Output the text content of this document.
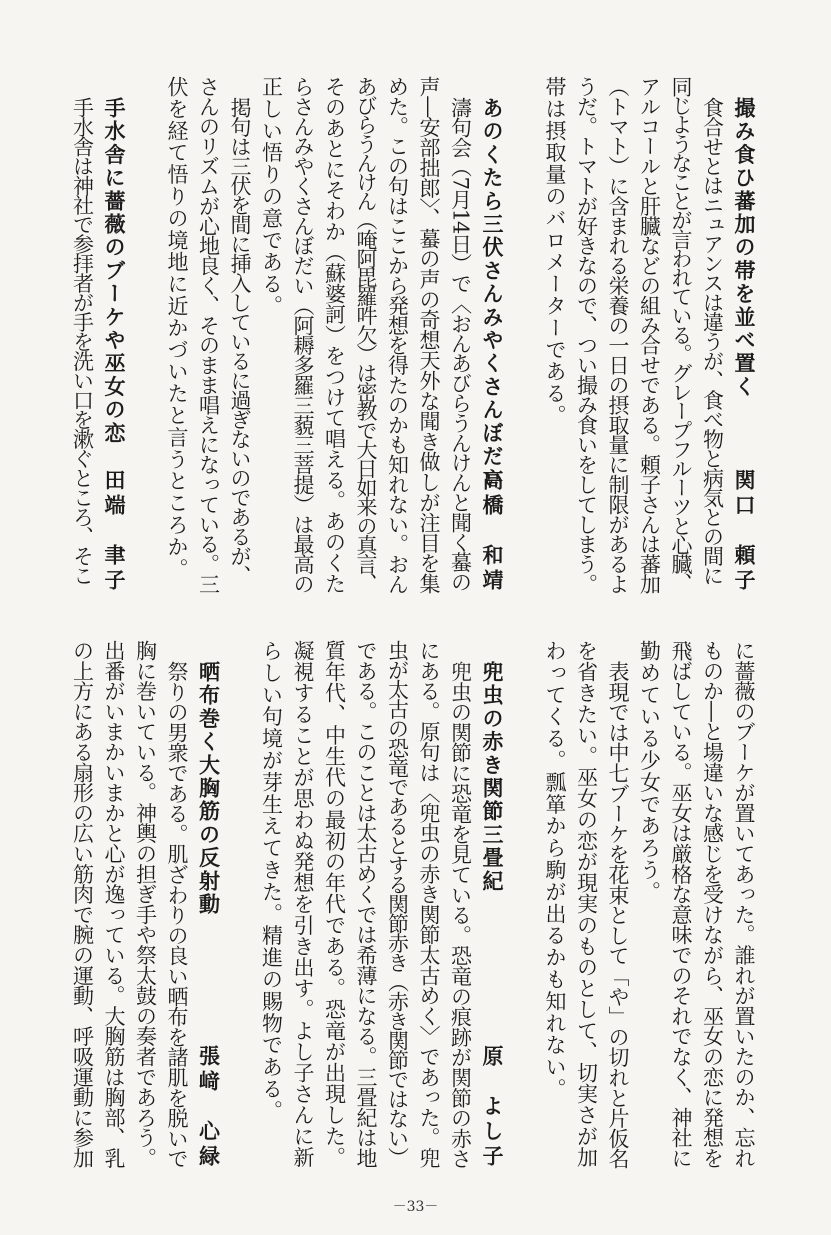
撮み食ひ蕃加の帯を並べ置く
関口　頼子
食合せとはニュアンスは違うが、食べ物と病気との間に
同じようなことが言われている。グレープフルーツと心臓、
アルコールと肝臓などの組み合せである。頼子さんは蕃加
（トマト）に含まれる栄養の一日の摂取量に制限があるよ
うだ。トマトが好きなので、つい撮み食いをしてしまう。
帯は摂取量のバロメーターである。

あのくたら三伏さんみやくさんぼだい
高橋　和靖
濤句会（7月14日）で〈おんあびらうんけんと聞く蟇の
声―安部拙郎〉、蟇の声の奇想天外な聞き做しが注目を集
めた。この句はここから発想を得たのかも知れない。おん
あびらうんけん（唵阿毘羅吽欠）は密教で大日如来の真言、
そのあとにそわか（蘇婆訶）をつけて唱える。あのくた
らさんみやくさんぼだい（阿耨多羅三藐三菩提）は最高の
正しい悟りの意である。
掲句は三伏を間に挿入しているに過ぎないのであるが、
さんのリズムが心地良く、そのまま唱えになっている。三
伏を経て悟りの境地に近かづいたと言うところか。

手水舎に薔薇のブーケや巫女の恋
田端　聿子
手水舎は神社で参拝者が手を洗い口を漱ぐところ、そこ
に薔薇のブーケが置いてあった。誰れが置いたのか、忘れ
ものか―と場違いな感じを受けながら、巫女の恋に発想を
飛ばしている。巫女は厳格な意味でのそれでなく、神社に
勤めている少女であろう。
表現では中七ブーケを花束として「や」の切れと片仮名
を省きたい。巫女の恋が現実のものとして、切実さが加
わってくる。瓢箪から駒が出るかも知れない。

兜虫の赤き関節三畳紀
原　よし子
兜虫の関節に恐竜を見ている。恐竜の痕跡が関節の赤さ
にある。原句は〈兜虫の赤き関節太古めく〉であった。兜
虫が太古の恐竜であるとする関節赤き（赤き関節ではない）
である。このことは太古めくでは希薄になる。三畳紀は地
質年代、中生代の最初の年代である。恐竜が出現した。
凝視することが思わぬ発想を引き出す。よし子さんに新
らしい句境が芽生えてきた。精進の賜物である。

晒布巻く大胸筋の反射動
張﨑　心緑
祭りの男衆である。肌ざわりの良い晒布を諸肌を脱いで
胸に巻いている。神輿の担ぎ手や祭太鼓の奏者であろう。
出番がいまかいまかと心が逸っている。大胸筋は胸部、乳
の上方にある扇形の広い筋肉で腕の運動、呼吸運動に参加
－33－
